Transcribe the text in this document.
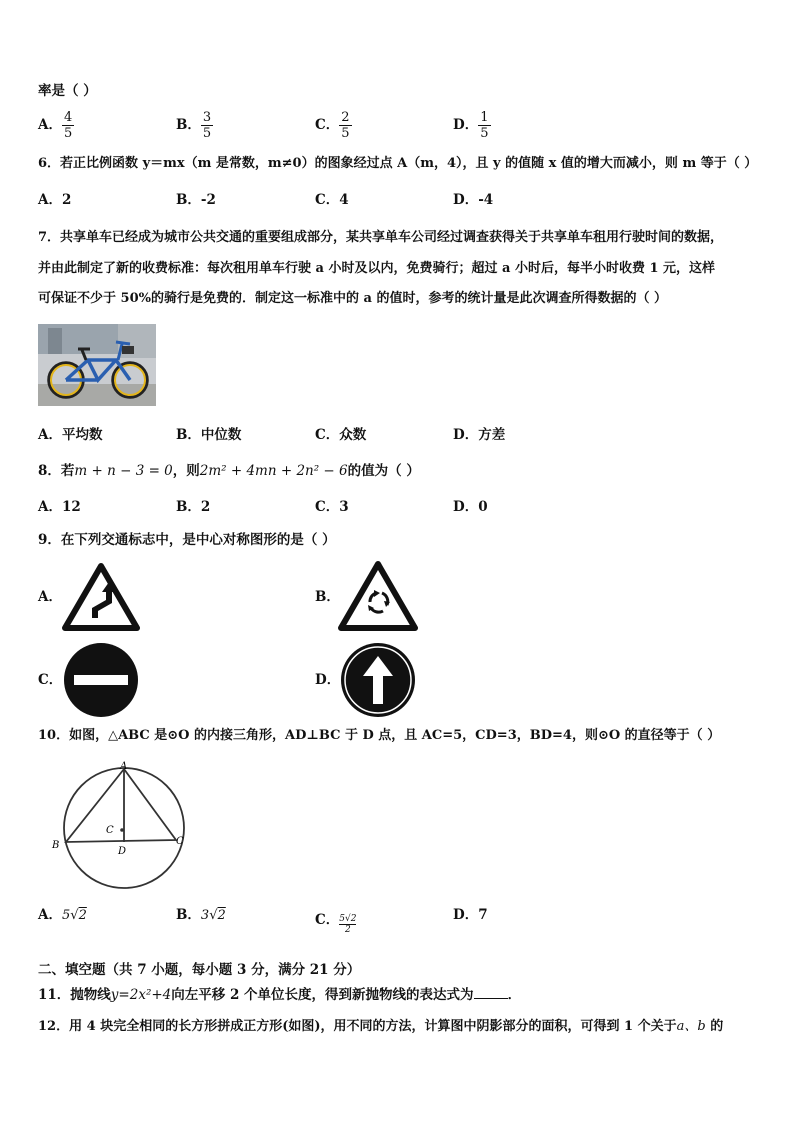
率是（ ）
A． $\frac{4}{5}$	B． $\frac{3}{5}$	C． $\frac{2}{5}$	D． $\frac{1}{5}$
6．若正比例函数 y＝mx（m 是常数，m≠0）的图象经过点 A（m，4），且 y 的值随 x 值的增大而减小，则 m 等于（ ）
A．2	B．-2	C．4	D．-4
7．共享单车已经成为城市公共交通的重要组成部分，某共享单车公司经过调查获得关于共享单车租用行驶时间的数据，
并由此制定了新的收费标准：每次租用单车行驶 a 小时及以内，免费骑行；超过 a 小时后，每半小时收费 1 元，这样
可保证不少于 50%的骑行是免费的．制定这一标准中的 a 的值时，参考的统计量是此次调查所得数据的（ ）
A．平均数	B．中位数	C．众数	D．方差
8．若m + n − 3 = 0，则2m² + 4mn + 2n² − 6的值为（ ）
A．12	B．2	C．3	D．0
9．在下列交通标志中，是中心对称图形的是（ ）
A．	B．
C．	D．
10．如图，△ABC 是⊙O 的内接三角形，AD⊥BC 于 D 点，且 AC=5，CD=3，BD=4，则⊙O 的直径等于（ ）
A
B	C
D
C
A．5√2	B．3√2	C． $\frac{5√2}{2}$	D．7
二、填空题（共 7 小题，每小题 3 分，满分 21 分）
11．抛物线y=2x²+4向左平移 2 个单位长度，得到新抛物线的表达式为	．
12．用 4 块完全相同的长方形拼成正方形(如图)，用不同的方法，计算图中阴影部分的面积，可得到 1 个关于a、b 的
